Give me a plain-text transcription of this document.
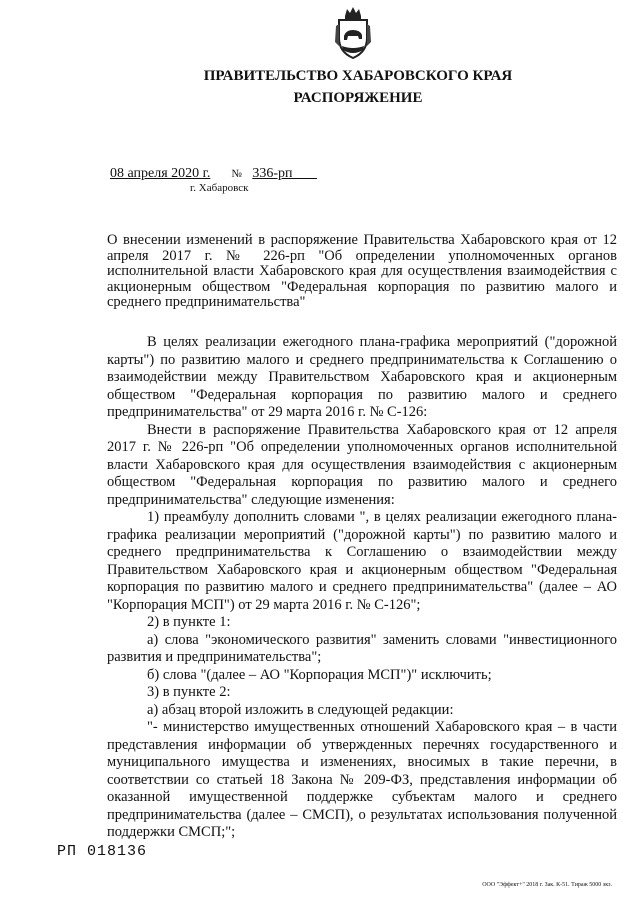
ПРАВИТЕЛЬСТВО ХАБАРОВСКОГО КРАЯ
РАСПОРЯЖЕНИЕ
08 апреля 2020 г. № 336-рп
г. Хабаровск
О внесении изменений в распоряжение Правительства Хабаровского края от 12 апреля 2017 г. № 226-рп "Об определении уполномоченных органов исполнительной власти Хабаровского края для осуществления взаимодействия с акционерным обществом "Федеральная корпорация по развитию малого и среднего предпринимательства"

В целях реализации ежегодного плана-графика мероприятий ("дорожной карты") по развитию малого и среднего предпринимательства к Соглашению о взаимодействии между Правительством Хабаровского края и акционерным обществом "Федеральная корпорация по развитию малого и среднего предпринимательства" от 29 марта 2016 г. № С-126:

Внести в распоряжение Правительства Хабаровского края от 12 апреля 2017 г. № 226-рп "Об определении уполномоченных органов исполнительной власти Хабаровского края для осуществления взаимодействия с акционерным обществом "Федеральная корпорация по развитию малого и среднего предпринимательства" следующие изменения:

1) преамбулу дополнить словами ", в целях реализации ежегодного плана-графика реализации мероприятий ("дорожной карты") по развитию малого и среднего предпринимательства к Соглашению о взаимодействии между Правительством Хабаровского края и акционерным обществом "Федеральная корпорация по развитию малого и среднего предпринимательства" (далее – АО "Корпорация МСП") от 29 марта 2016 г. № С-126";

2) в пункте 1:

а) слова "экономического развития" заменить словами "инвестиционного развития и предпринимательства";

б) слова "(далее – АО "Корпорация МСП")" исключить;

3) в пункте 2:

а) абзац второй изложить в следующей редакции:

"- министерство имущественных отношений Хабаровского края – в части представления информации об утвержденных перечнях государственного и муниципального имущества и изменениях, вносимых в такие перечни, в соответствии со статьей 18 Закона № 209-ФЗ, представления информации об оказанной имущественной поддержке субъектам малого и среднего предпринимательства (далее – СМСП), о результатах использования полученной поддержки СМСП;";

РП 018136
ООО "Эффект+" 2018 г. Зак. К-51. Тираж 5000 экз.
